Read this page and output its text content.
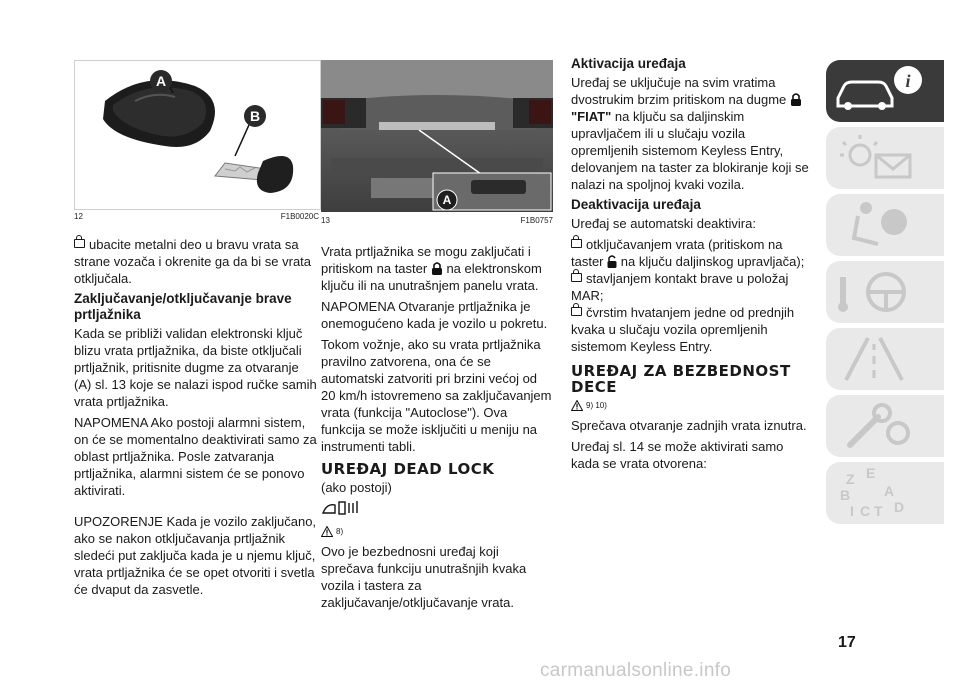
A
B
12	F1B0020C

ubacite metalni deo u bravu vrata sa strane vozača i okrenite ga da bi se vrata otključala.

Zaključavanje/otključavanje brave prtljažnika

Kada se približi validan elektronski ključ blizu vrata prtljažnika, da biste otključali prtljažnik, pritisnite dugme za otvaranje (A) sl. 13 koje se nalazi ispod ručke samih vrata prtljažnika.

NAPOMENA Ako postoji alarmni sistem, on će se momentalno deaktivirati samo za oblast prtljažnika. Posle zatvaranja prtljažnika, alarmni sistem će se ponovo aktivirati.

UPOZORENJE Kada je vozilo zaključano, ako se nakon otključavanja prtljažnik sledeći put zaključa kada je u njemu ključ, vrata prtljažnika će se opet otvoriti i svetla će dvaput da zasvetle.

A
13	F1B0757

Vrata prtljažnika se mogu zaključati i pritiskom na taster na elektronskom ključu ili na unutrašnjem panelu vrata.

NAPOMENA Otvaranje prtljažnika je onemogućeno kada je vozilo u pokretu.

Tokom vožnje, ako su vrata prtljažnika pravilno zatvorena, ona će se automatski zatvoriti pri brzini većoj od 20 km/h istovremeno sa zaključavanjem vrata (funkcija "Autoclose"). Ova funkcija se može isključiti u meniju na instrumenti tabli.

UREĐAJ DEAD LOCK

(ako postoji)

8)

Ovo je bezbednosni uređaj koji sprečava funkciju unutrašnjih kvaka vozila i tastera za zaključavanje/otključavanje vrata.

Aktivacija uređaja

Uređaj se uključuje na svim vratima dvostrukim brzim pritiskom na dugme  "FIAT" na ključu sa daljinskim upravljačem ili u slučaju vozila opremljenih sistemom Keyless Entry, delovanjem na taster za blokiranje koji se nalazi na spoljnoj kvaki vozila.

Deaktivacija uređaja

Uređaj se automatski deaktivira:

otključavanjem vrata (pritiskom na taster na ključu daljinskog upravljača);

stavljanjem kontakt brave u položaj MAR;

čvrstim hvatanjem jedne od prednjih kvaka u slučaju vozila opremljenih sistemom Keyless Entry.

UREĐAJ ZA BEZBEDNOST DECE
9) 10)

Sprečava otvaranje zadnjih vrata iznutra.

Uređaj sl. 14 se može aktivirati samo kada se vrata otvorena:

i
Z E
B A
I C T D
17
carmanualsonline.info
